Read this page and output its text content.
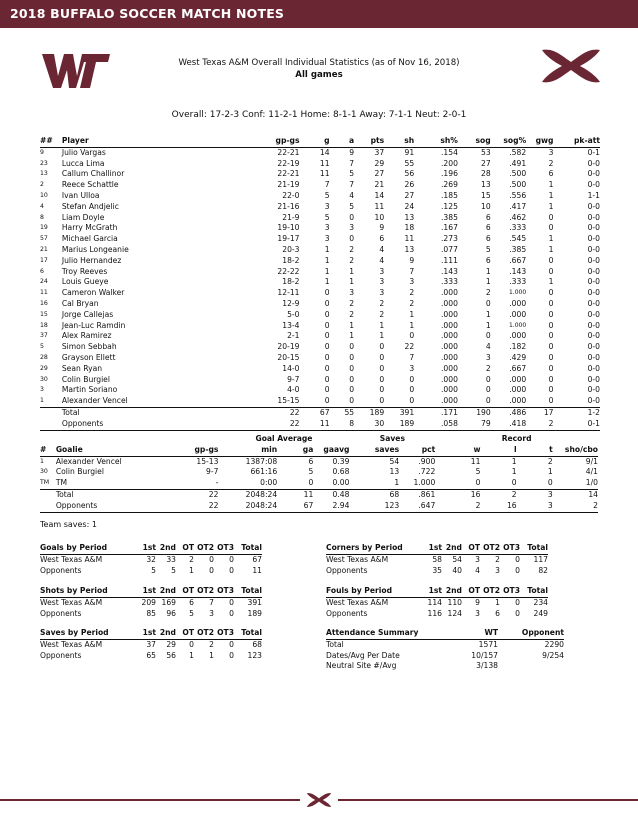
2018 BUFFALO SOCCER MATCH NOTES
West Texas A&M Overall Individual Statistics (as of Nov 16, 2018)
All games
Overall: 17-2-3 Conf: 11-2-1 Home: 8-1-1 Away: 7-1-1 Neut: 2-0-1
##	Player	gp-gs	g	a	pts	sh	sh%	sog	sog%	gwg	pk-att
9	Julio Vargas	22-21	14	9	37	91	.154	53	.582	3	0-1
23	Lucca Lima	22-19	11	7	29	55	.200	27	.491	2	0-0
13	Callum Challinor	22-21	11	5	27	56	.196	28	.500	6	0-0
2	Reece Schattle	21-19	7	7	21	26	.269	13	.500	1	0-0
10	Ivan Ulloa	22-0	5	4	14	27	.185	15	.556	1	1-1
4	Stefan Andjelic	21-16	3	5	11	24	.125	10	.417	1	0-0
8	Liam Doyle	21-9	5	0	10	13	.385	6	.462	0	0-0
19	Harry McGrath	19-10	3	3	9	18	.167	6	.333	0	0-0
57	Michael Garcia	19-17	3	0	6	11	.273	6	.545	1	0-0
21	Marius Longeanie	20-3	1	2	4	13	.077	5	.385	1	0-0
17	Julio Hernandez	18-2	1	2	4	9	.111	6	.667	0	0-0
6	Troy Reeves	22-22	1	1	3	7	.143	1	.143	0	0-0
24	Louis Gueye	18-2	1	1	3	3	.333	1	.333	1	0-0
11	Cameron Walker	12-11	0	3	3	2	.000	2	1.000	0	0-0
16	Cal Bryan	12-9	0	2	2	2	.000	0	.000	0	0-0
15	Jorge Callejas	5-0	0	2	2	1	.000	1	.000	0	0-0
18	Jean-Luc Ramdin	13-4	0	1	1	1	.000	1	1.000	0	0-0
37	Alex Ramirez	2-1	0	1	1	0	.000	0	.000	0	0-0
5	Simon Sebbah	20-19	0	0	0	22	.000	4	.182	0	0-0
28	Grayson Ellett	20-15	0	0	0	7	.000	3	.429	0	0-0
29	Sean Ryan	14-0	0	0	0	3	.000	2	.667	0	0-0
30	Colin Burgiel	9-7	0	0	0	0	.000	0	.000	0	0-0
3	Martin Soriano	4-0	0	0	0	0	.000	0	.000	0	0-0
1	Alexander Vencel	15-15	0	0	0	0	.000	0	.000	0	0-0
	Total	22	67	55	189	391	.171	190	.486	17	1-2
	Opponents	22	11	8	30	189	.058	79	.418	2	0-1
			Goal Average			Saves		Record			
#	Goalie	gp-gs	min	ga	gaavg	saves	pct	w	l	t	sho/cbo
1	Alexander Vencel	15-13	1387:08	6	0.39	54	.900	11	1	2	9/1
30	Colin Burgiel	9-7	661:16	5	0.68	13	.722	5	1	1	4/1
TM	TM	-	0:00	0	0.00	1	1.000	0	0	0	1/0
	Total	22	2048:24	11	0.48	68	.861	16	2	3	14
	Opponents	22	2048:24	67	2.94	123	.647	2	16	3	2
Team saves: 1
Goals by Period	1st	2nd	OT	OT2	OT3	Total
West Texas A&M	32	33	2	0	0	67
Opponents	5	5	1	0	0	11
Corners by Period	1st	2nd	OT	OT2	OT3	Total
West Texas A&M	58	54	3	2	0	117
Opponents	35	40	4	3	0	82
Shots by Period	1st	2nd	OT	OT2	OT3	Total
West Texas A&M	209	169	6	7	0	391
Opponents	85	96	5	3	0	189
Fouls by Period	1st	2nd	OT	OT2	OT3	Total
West Texas A&M	114	110	9	1	0	234
Opponents	116	124	3	6	0	249
Saves by Period	1st	2nd	OT	OT2	OT3	Total
West Texas A&M	37	29	0	2	0	68
Opponents	65	56	1	1	0	123
Attendance Summary	WT	Opponent
Total	1571	2290
Dates/Avg Per Date	10/157	9/254
Neutral Site #/Avg	3/138	
